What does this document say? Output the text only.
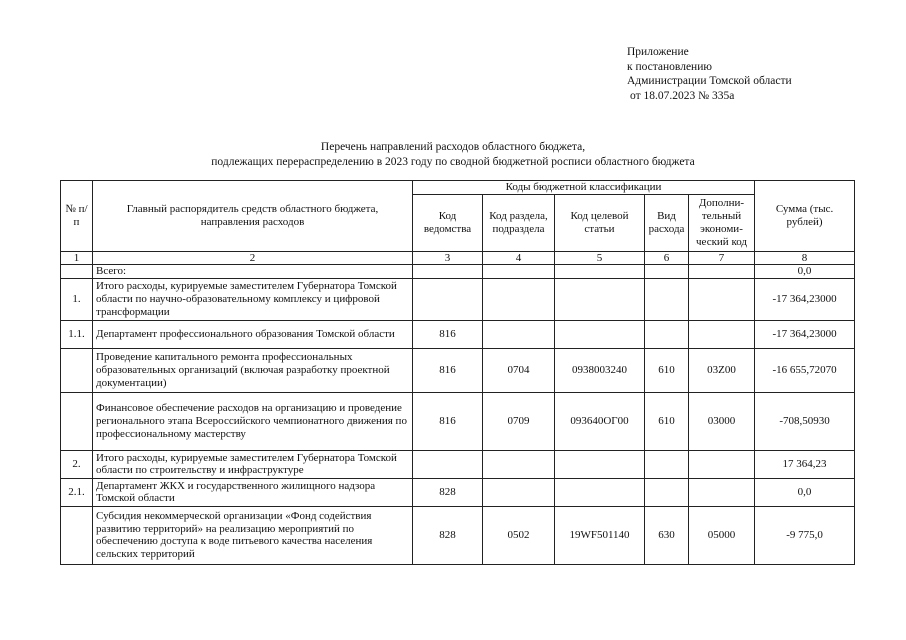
Приложение
к постановлению
Администрации Томской области
от 18.07.2023 № 335а
Перечень направлений расходов областного бюджета,
подлежащих перераспределению в 2023 году по сводной бюджетной росписи областного бюджета
№ п/п	Главный распорядитель средств областного бюджета, направления расходов	Коды бюджетной классификации					Сумма (тыс. рублей)
		Код ведомства	Код раздела, подраздела	Код целевой статьи	Вид расхода	Дополни-тельный экономи-ческий код	
1	2	3	4	5	6	7	8
	Всего:						0,0
1.	Итого расходы, курируемые заместителем Губернатора Томской области по научно-образовательному комплексу и цифровой трансформации						-17 364,23000
1.1.	Департамент профессионального образования Томской области	816					-17 364,23000
	Проведение капитального ремонта профессиональных образовательных организаций (включая разработку проектной документации)	816	0704	0938003240	610	03Z00	-16 655,72070
	Финансовое обеспечение расходов на организацию и проведение регионального этапа Всероссийского чемпионатного движения по профессиональному мастерству	816	0709	093640ОГ00	610	03000	-708,50930
2.	Итого расходы, курируемые заместителем Губернатора Томской области по строительству и инфраструктуре						17 364,23
2.1.	Департамент ЖКХ и государственного жилищного надзора Томской области	828					0,0
	Субсидия некоммерческой организации «Фонд содействия развитию территорий» на реализацию мероприятий по обеспечению доступа к воде питьевого качества населения сельских территорий	828	0502	19WF501140	630	05000	-9 775,0
